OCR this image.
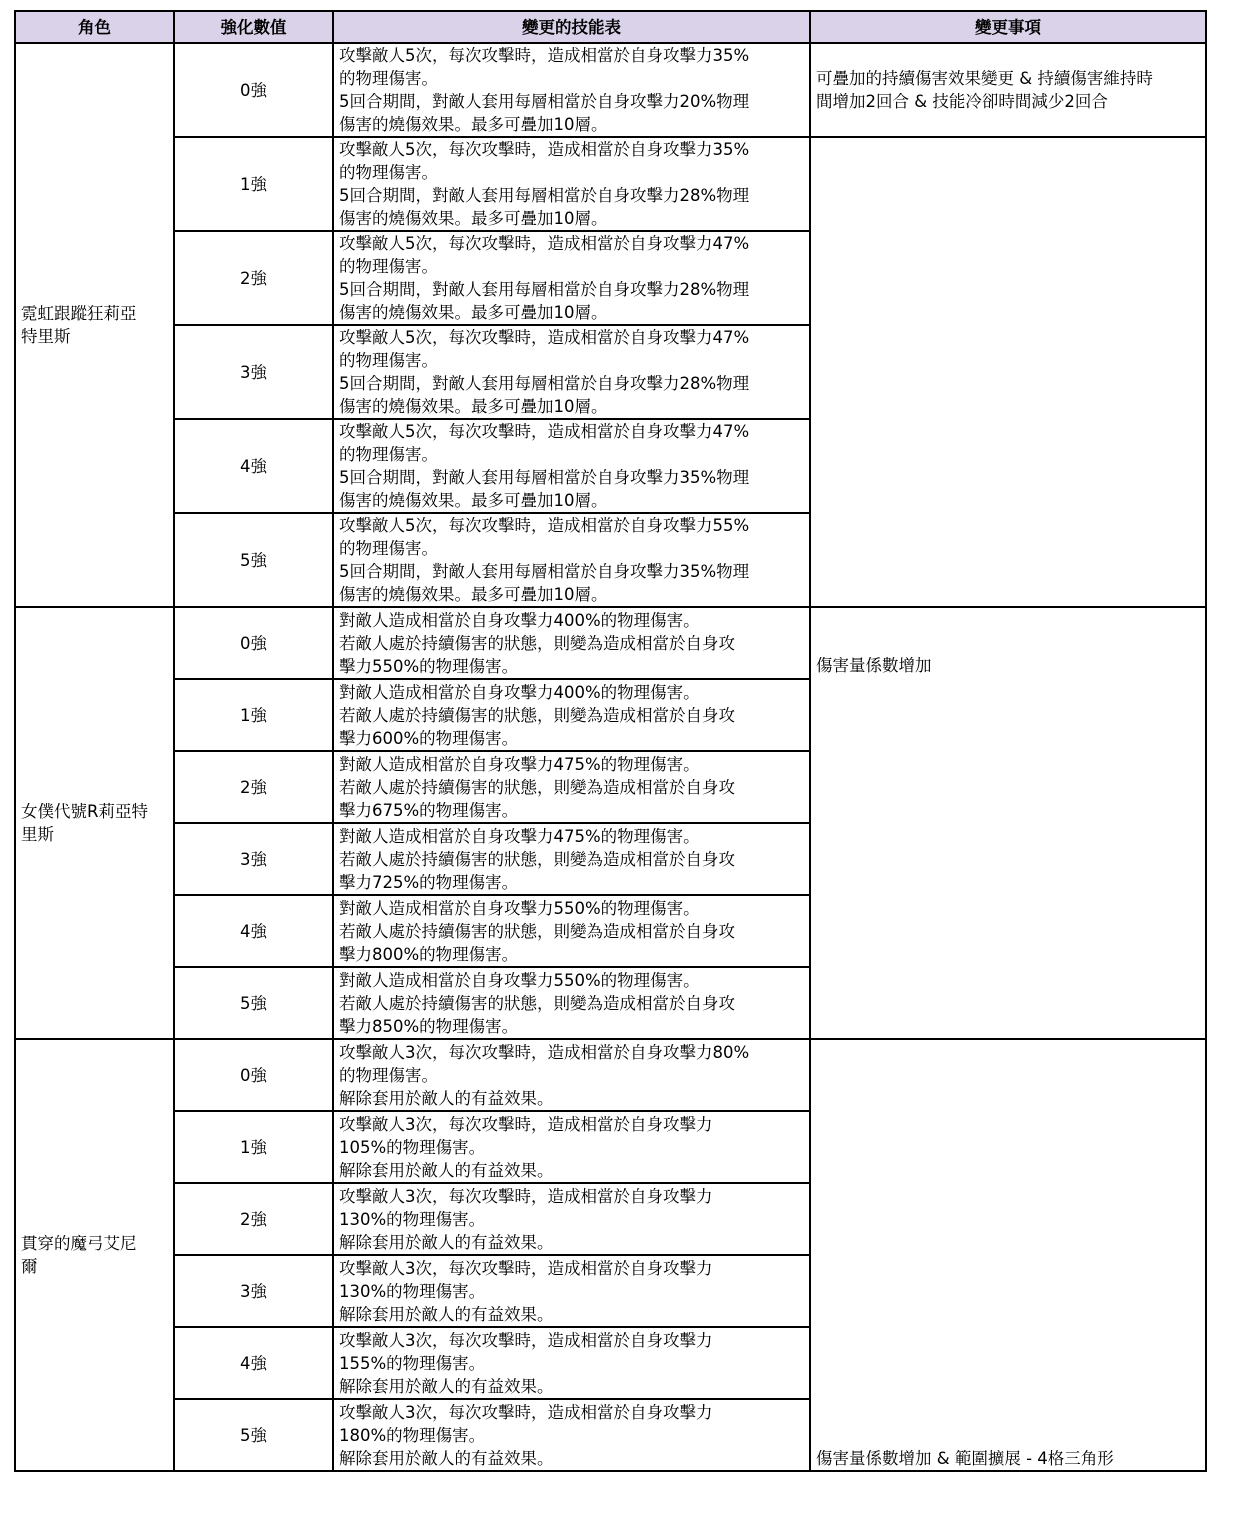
角色	強化數值	變更的技能表	變更事項

霓虹跟蹤狂莉亞
特里斯	0強	攻擊敵人5次，每次攻擊時，造成相當於自身攻擊力35%
的物理傷害。
5回合期間，對敵人套用每層相當於自身攻擊力20%物理
傷害的燒傷效果。最多可疊加10層。	可疊加的持續傷害效果變更 & 持續傷害維持時
間增加2回合 & 技能冷卻時間減少2回合

	1強	攻擊敵人5次，每次攻擊時，造成相當於自身攻擊力35%
的物理傷害。
5回合期間，對敵人套用每層相當於自身攻擊力28%物理
傷害的燒傷效果。最多可疊加10層。	

	2強	攻擊敵人5次，每次攻擊時，造成相當於自身攻擊力47%
的物理傷害。
5回合期間，對敵人套用每層相當於自身攻擊力28%物理
傷害的燒傷效果。最多可疊加10層。	

	3強	攻擊敵人5次，每次攻擊時，造成相當於自身攻擊力47%
的物理傷害。
5回合期間，對敵人套用每層相當於自身攻擊力28%物理
傷害的燒傷效果。最多可疊加10層。	

	4強	攻擊敵人5次，每次攻擊時，造成相當於自身攻擊力47%
的物理傷害。
5回合期間，對敵人套用每層相當於自身攻擊力35%物理
傷害的燒傷效果。最多可疊加10層。	

	5強	攻擊敵人5次，每次攻擊時，造成相當於自身攻擊力55%
的物理傷害。
5回合期間，對敵人套用每層相當於自身攻擊力35%物理
傷害的燒傷效果。最多可疊加10層。	

女僕代號R莉亞特
里斯	0強	對敵人造成相當於自身攻擊力400%的物理傷害。
若敵人處於持續傷害的狀態，則變為造成相當於自身攻
擊力550%的物理傷害。	傷害量係數增加

	1強	對敵人造成相當於自身攻擊力400%的物理傷害。
若敵人處於持續傷害的狀態，則變為造成相當於自身攻
擊力600%的物理傷害。	

	2強	對敵人造成相當於自身攻擊力475%的物理傷害。
若敵人處於持續傷害的狀態，則變為造成相當於自身攻
擊力675%的物理傷害。	

	3強	對敵人造成相當於自身攻擊力475%的物理傷害。
若敵人處於持續傷害的狀態，則變為造成相當於自身攻
擊力725%的物理傷害。	

	4強	對敵人造成相當於自身攻擊力550%的物理傷害。
若敵人處於持續傷害的狀態，則變為造成相當於自身攻
擊力800%的物理傷害。	

	5強	對敵人造成相當於自身攻擊力550%的物理傷害。
若敵人處於持續傷害的狀態，則變為造成相當於自身攻
擊力850%的物理傷害。	

貫穿的魔弓艾尼
爾	0強	攻擊敵人3次，每次攻擊時，造成相當於自身攻擊力80%
的物理傷害。
解除套用於敵人的有益效果。	傷害量係數增加 & 範圍擴展 - 4格三角形

	1強	攻擊敵人3次，每次攻擊時，造成相當於自身攻擊力
105%的物理傷害。
解除套用於敵人的有益效果。	

	2強	攻擊敵人3次，每次攻擊時，造成相當於自身攻擊力
130%的物理傷害。
解除套用於敵人的有益效果。	

	3強	攻擊敵人3次，每次攻擊時，造成相當於自身攻擊力
130%的物理傷害。
解除套用於敵人的有益效果。	

	4強	攻擊敵人3次，每次攻擊時，造成相當於自身攻擊力
155%的物理傷害。
解除套用於敵人的有益效果。	

	5強	攻擊敵人3次，每次攻擊時，造成相當於自身攻擊力
180%的物理傷害。
解除套用於敵人的有益效果。	
